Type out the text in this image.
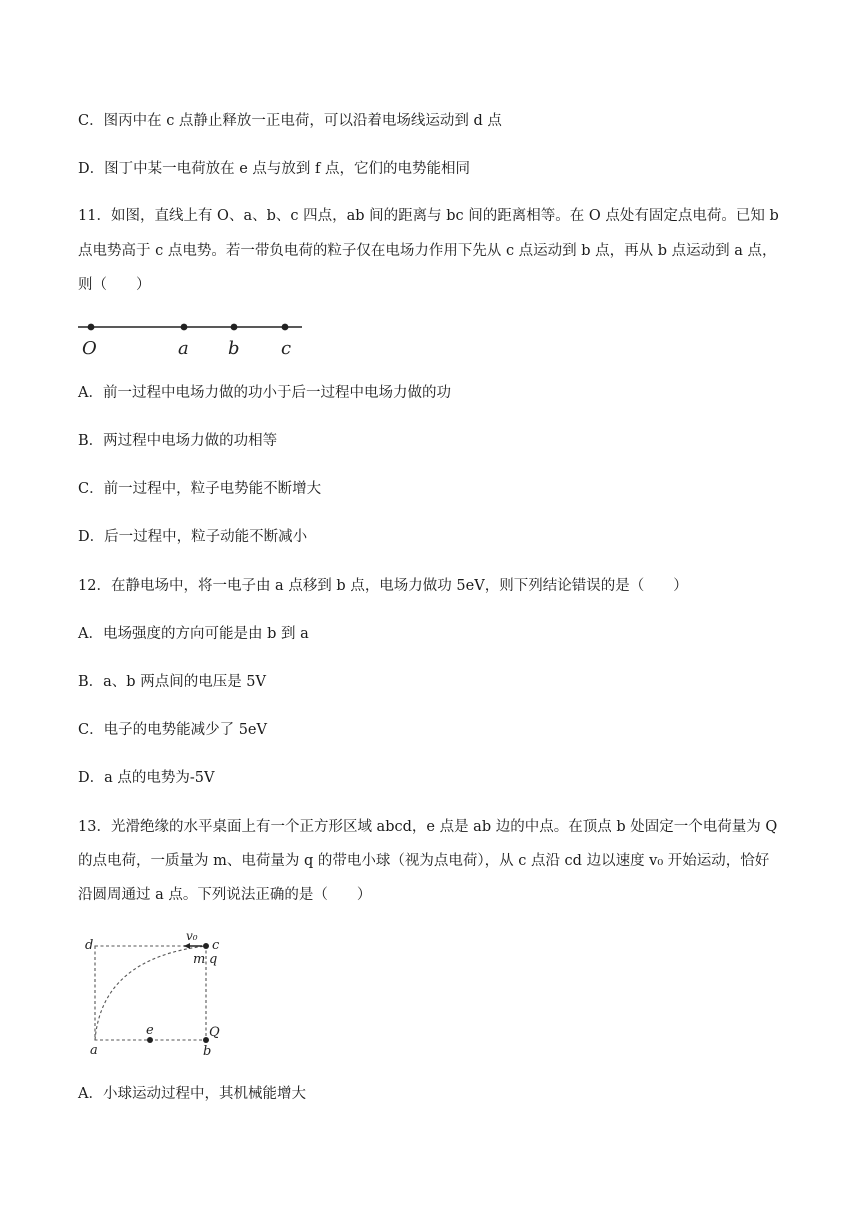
C．图丙中在 c 点静止释放一正电荷，可以沿着电场线运动到 d 点
D．图丁中某一电荷放在 e 点与放到 f 点，它们的电势能相同
11．如图，直线上有 O、a、b、c 四点，ab 间的距离与 bc 间的距离相等。在 O 点处有固定点电荷。已知 b
点电势高于 c 点电势。若一带负电荷的粒子仅在电场力作用下先从 c 点运动到 b 点，再从 b 点运动到 a 点，
则（　　）
O	a b c
A．前一过程中电场力做的功小于后一过程中电场力做的功
B．两过程中电场力做的功相等
C．前一过程中，粒子电势能不断增大
D．后一过程中，粒子动能不断减小
12．在静电场中，将一电子由 a 点移到 b 点，电场力做功 5eV，则下列结论错误的是（　　）
A．电场强度的方向可能是由 b 到 a
B．a、b 两点间的电压是 5V
C．电子的电势能减少了 5eV
D．a 点的电势为-5V
13．光滑绝缘的水平桌面上有一个正方形区域 abcd，e 点是 ab 边的中点。在顶点 b 处固定一个电荷量为 Q
的点电荷，一质量为 m、电荷量为 q 的带电小球（视为点电荷），从 c 点沿 cd 边以速度 v₀ 开始运动，恰好
沿圆周通过 a 点。下列说法正确的是（　　）
d
v₀
c
m q
e	Q
a	b
A．小球运动过程中，其机械能增大
